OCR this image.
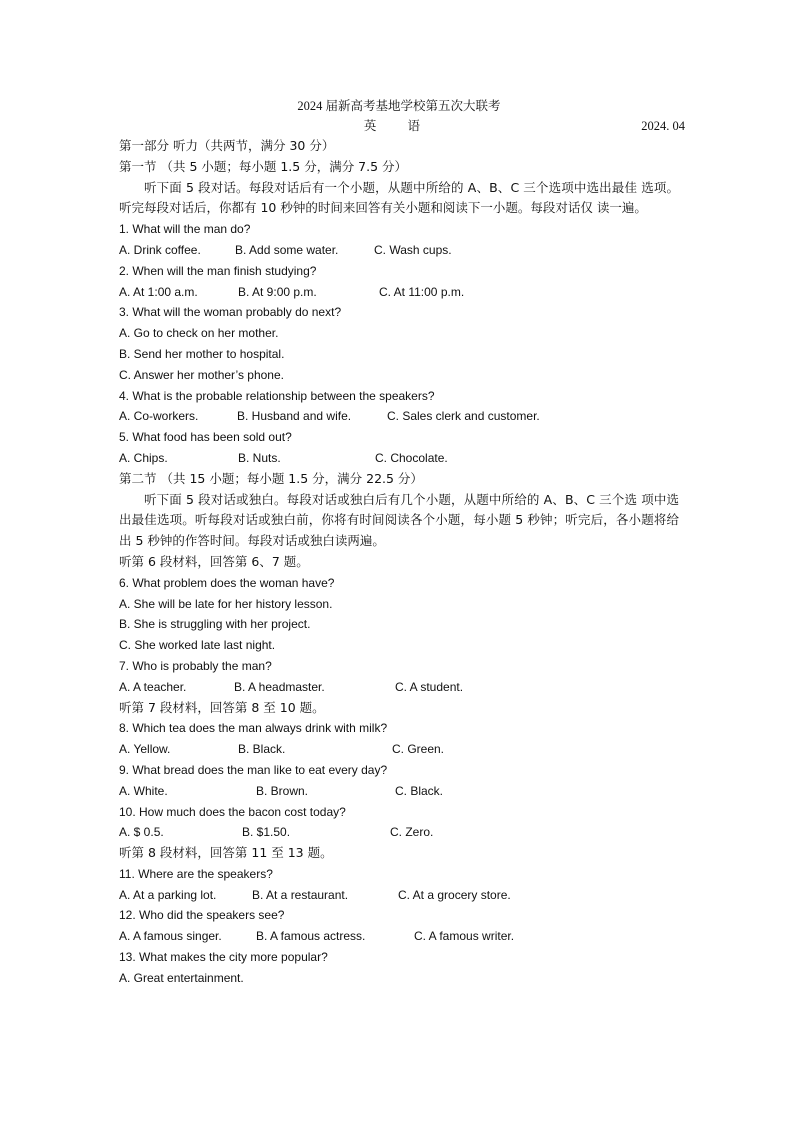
2024 届新高考基地学校第五次大联考
英 语	2024. 04
第一部分 听力（共两节，满分 30 分）
第一节 （共 5 小题；每小题 1.5 分，满分 7.5 分）
听下面 5 段对话。每段对话后有一个小题，从题中所给的 A、B、C 三个选项中选出最佳 选项。听完每段对话后，你都有 10 秒钟的时间来回答有关小题和阅读下一小题。每段对话仅 读一遍。
1. What will the man do?
A. Drink coffee.	B. Add some water.	C. Wash cups.
2. When will the man finish studying?
A. At 1:00 a.m.	B. At 9:00 p.m.	C. At 11:00 p.m.
3. What will the woman probably do next?
A. Go to check on her mother.
B. Send her mother to hospital.
C. Answer her mother’s phone.
4. What is the probable relationship between the speakers?
A. Co-workers.	B. Husband and wife.	C. Sales clerk and customer.
5. What food has been sold out?
A. Chips.	B. Nuts.	C. Chocolate.
第二节 （共 15 小题；每小题 1.5 分，满分 22.5 分）
听下面 5 段对话或独白。每段对话或独白后有几个小题，从题中所给的 A、B、C 三个选 项中选出最佳选项。听每段对话或独白前，你将有时间阅读各个小题，每小题 5 秒钟；听完后，各小题将给出 5 秒钟的作答时间。每段对话或独白读两遍。
听第 6 段材料，回答第 6、7 题。
6. What problem does the woman have?
A. She will be late for her history lesson.
B. She is struggling with her project.
C. She worked late last night.
7. Who is probably the man?
A. A teacher.	B. A headmaster.	C. A student.
听第 7 段材料，回答第 8 至 10 题。
8. Which tea does the man always drink with milk?
A. Yellow.	B. Black.	C. Green.
9. What bread does the man like to eat every day?
A. White.	B. Brown.	C. Black.
10. How much does the bacon cost today?
A. $ 0.5.	B. $1.50.	C. Zero.
听第 8 段材料，回答第 11 至 13 题。
11. Where are the speakers?
A. At a parking lot.	B. At a restaurant.	C. At a grocery store.
12. Who did the speakers see?
A. A famous singer.	B. A famous actress.	C. A famous writer.
13. What makes the city more popular?
A. Great entertainment.
